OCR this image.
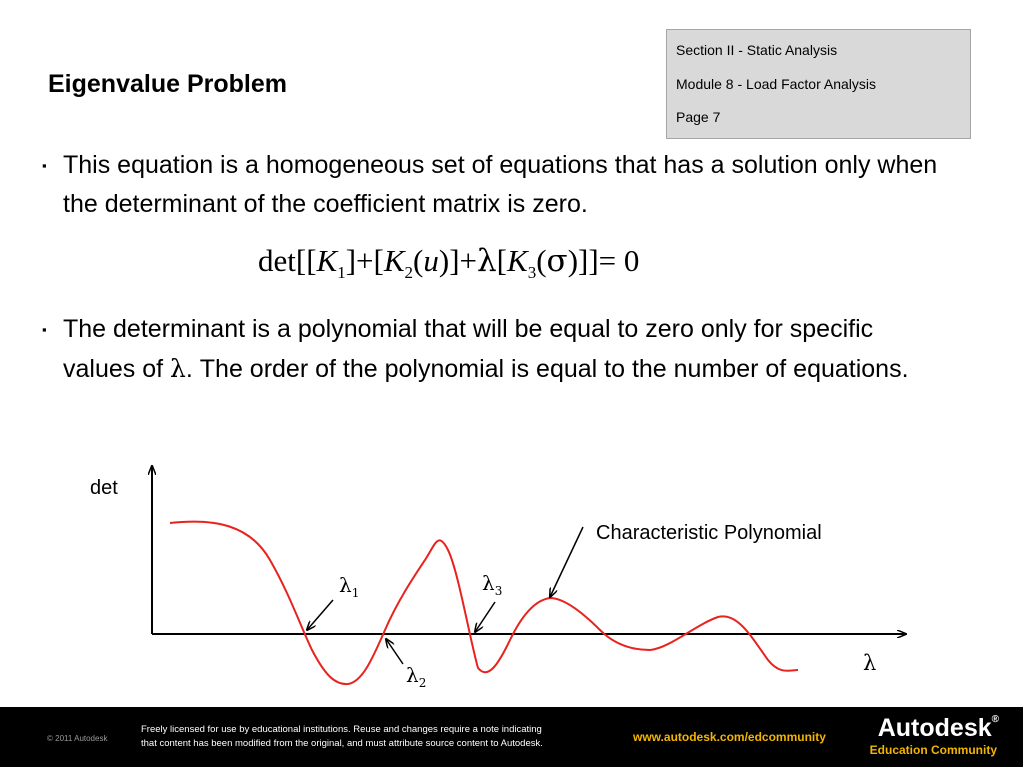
Eigenvalue Problem
Section II - Static Analysis
Module 8 - Load Factor Analysis
Page 7
▪ This equation is a homogeneous set of equations that has a solution only when the determinant of the coefficient matrix is zero.
$\det[[K_1]+[K_2(u)]+\lambda[K_3(\sigma)]]= 0$
▪ The determinant is a polynomial that will be equal to zero only for specific values of λ. The order of the polynomial is equal to the number of equations.
det
λ
Characteristic Polynomial
$\lambda_1$
$\lambda_2$
$\lambda_3$
© 2011 Autodesk
Freely licensed for use by educational institutions. Reuse and changes require a note indicating
that content has been modified from the original, and must attribute source content to Autodesk.	www.autodesk.com/edcommunity Autodesk®
Education Community
